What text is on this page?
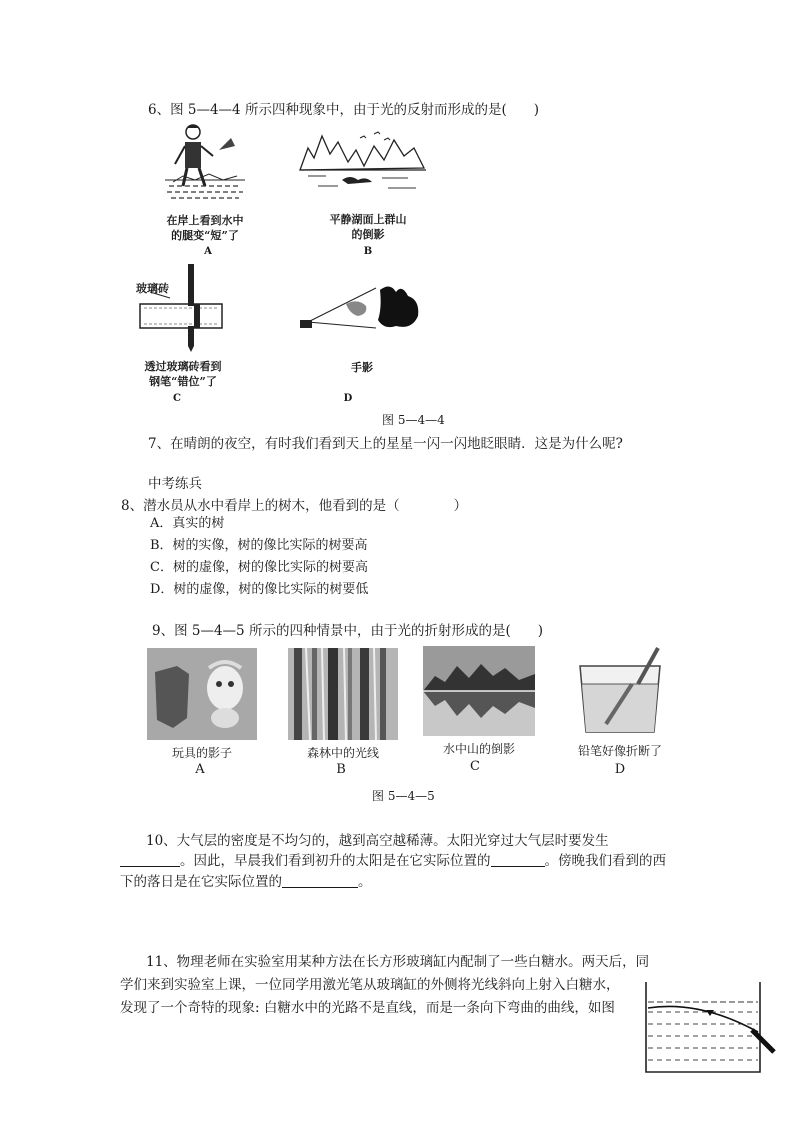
6、图 5—4—4 所示四种现象中，由于光的反射而形成的是(　　)
在岸上看到水中
的腿变“短”了
A
平静湖面上群山
的倒影
B
玻璃砖
透过玻璃砖看到
钢笔“错位”了
C
手影
D
图 5—4—4
7、在晴朗的夜空，有时我们看到天上的星星一闪一闪地眨眼睛．这是为什么呢?
中考练兵
8、潜水员从水中看岸上的树木，他看到的是（　　　　）
A．真实的树
B．树的实像，树的像比实际的树要高
C．树的虚像，树的像比实际的树要高
D．树的虚像，树的像比实际的树要低
9、图 5—4—5 所示的四种情景中，由于光的折射形成的是(　　)
玩具的影子
A
森林中的光线
B
水中山的倒影
C
铅笔好像折断了
D
图 5—4—5
10、大气层的密度是不均匀的，越到高空越稀薄。太阳光穿过大气层时要发生
。因此，早晨我们看到初升的太阳是在它实际位置的	。傍晚我们看到的西
下的落日是在它实际位置的	。
11、物理老师在实验室用某种方法在长方形玻璃缸内配制了一些白糖水。两天后，同
学们来到实验室上课，一位同学用激光笔从玻璃缸的外侧将光线斜向上射入白糖水，
发现了一个奇特的现象: 白糖水中的光路不是直线，而是一条向下弯曲的曲线，如图
